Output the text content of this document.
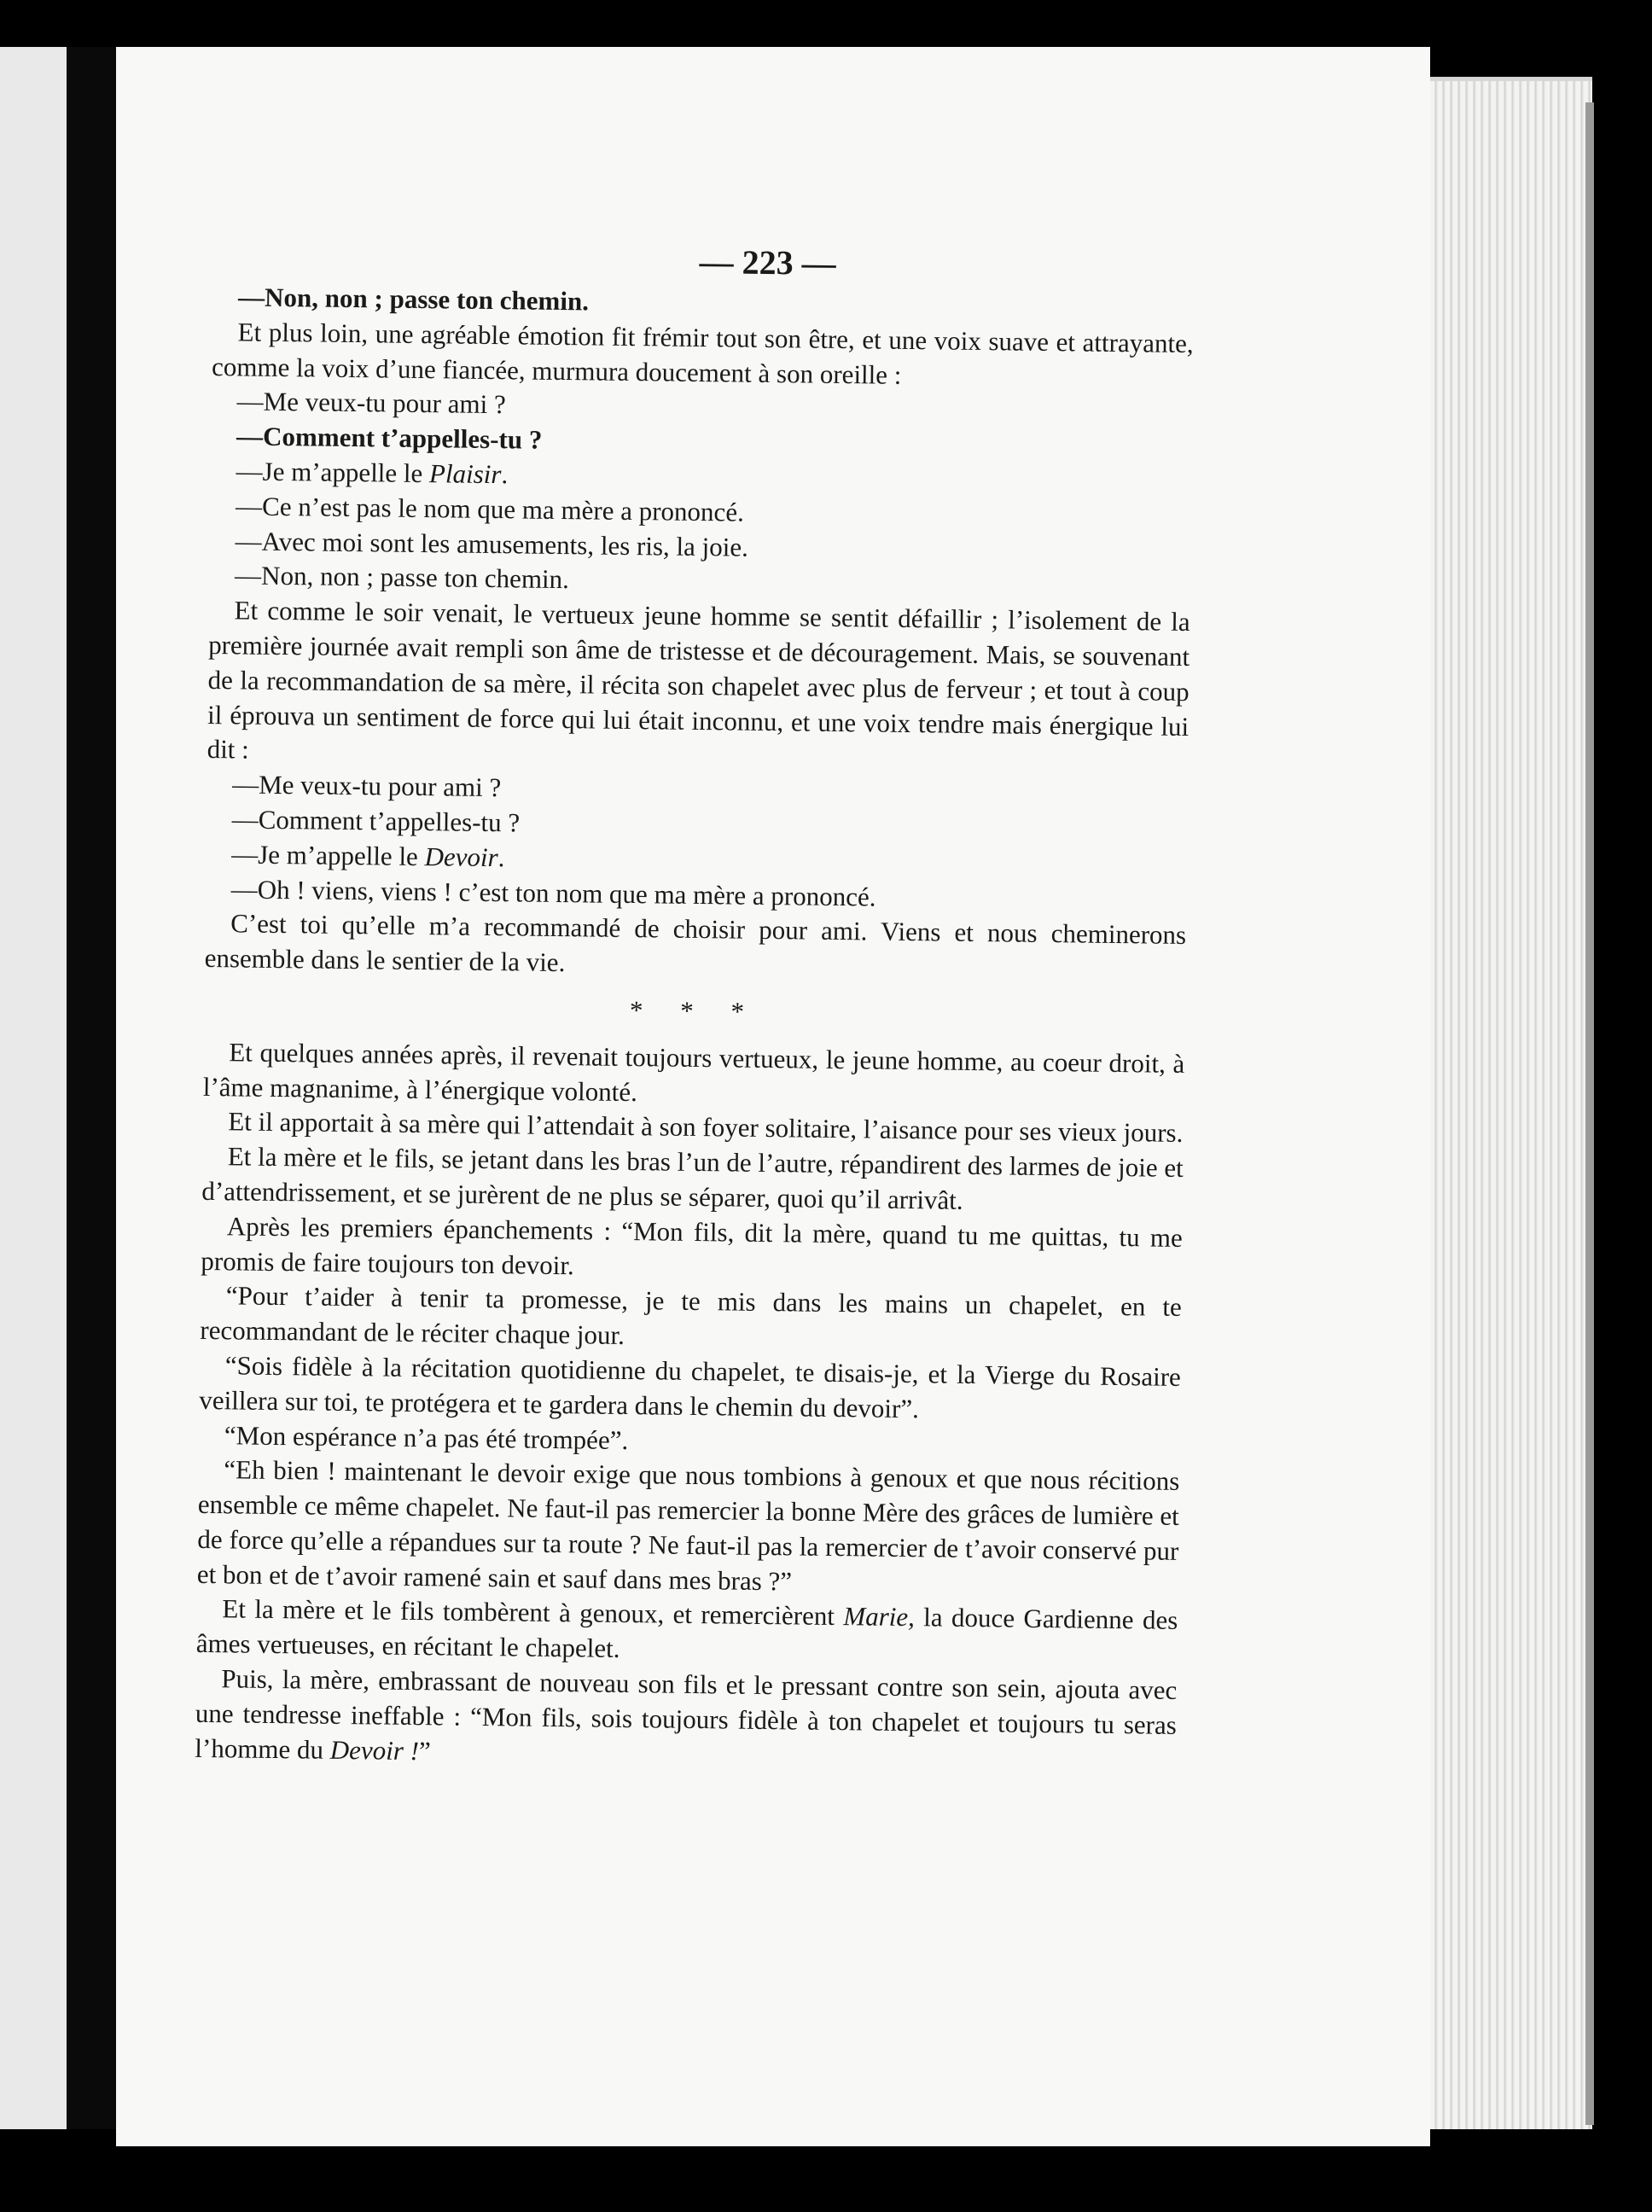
— 223 —

—Non, non ; passe ton chemin.

Et plus loin, une agréable émotion fit frémir tout son être, et une voix suave et attrayante, comme la voix d’une fiancée, murmura doucement à son oreille :

—Me veux-tu pour ami ?

—Comment t’appelles-tu ?

—Je m’appelle le Plaisir.

—Ce n’est pas le nom que ma mère a prononcé.

—Avec moi sont les amusements, les ris, la joie.

—Non, non ; passe ton chemin.

Et comme le soir venait, le vertueux jeune homme se sentit défaillir ; l’isolement de la première journée avait rempli son âme de tristesse et de découragement. Mais, se souvenant de la recommandation de sa mère, il récita son chapelet avec plus de ferveur ; et tout à coup il éprouva un sentiment de force qui lui était inconnu, et une voix tendre mais énergique lui dit :

—Me veux-tu pour ami ?

—Comment t’appelles-tu ?

—Je m’appelle le Devoir.

—Oh ! viens, viens ! c’est ton nom que ma mère a prononcé.

C’est toi qu’elle m’a recommandé de choisir pour ami. Viens et nous cheminerons ensemble dans le sentier de la vie.

* * *

Et quelques années après, il revenait toujours vertueux, le jeune homme, au coeur droit, à l’âme magnanime, à l’énergique volonté.

Et il apportait à sa mère qui l’attendait à son foyer solitaire, l’aisance pour ses vieux jours.

Et la mère et le fils, se jetant dans les bras l’un de l’autre, répandirent des larmes de joie et d’attendrissement, et se jurèrent de ne plus se séparer, quoi qu’il arrivât.

Après les premiers épanchements : “Mon fils, dit la mère, quand tu me quittas, tu me promis de faire toujours ton devoir.

“Pour t’aider à tenir ta promesse, je te mis dans les mains un chapelet, en te recommandant de le réciter chaque jour.

“Sois fidèle à la récitation quotidienne du chapelet, te disais-je, et la Vierge du Rosaire veillera sur toi, te protégera et te gardera dans le chemin du devoir”.

“Mon espérance n’a pas été trompée”.

“Eh bien ! maintenant le devoir exige que nous tombions à genoux et que nous récitions ensemble ce même chapelet. Ne faut-il pas remercier la bonne Mère des grâces de lumière et de force qu’elle a répandues sur ta route ? Ne faut-il pas la remercier de t’avoir conservé pur et bon et de t’avoir ramené sain et sauf dans mes bras ?”

Et la mère et le fils tombèrent à genoux, et remercièrent Marie, la douce Gardienne des âmes vertueuses, en récitant le chapelet.

Puis, la mère, embrassant de nouveau son fils et le pressant contre son sein, ajouta avec une tendresse ineffable : “Mon fils, sois toujours fidèle à ton chapelet et toujours tu seras l’homme du Devoir !”
